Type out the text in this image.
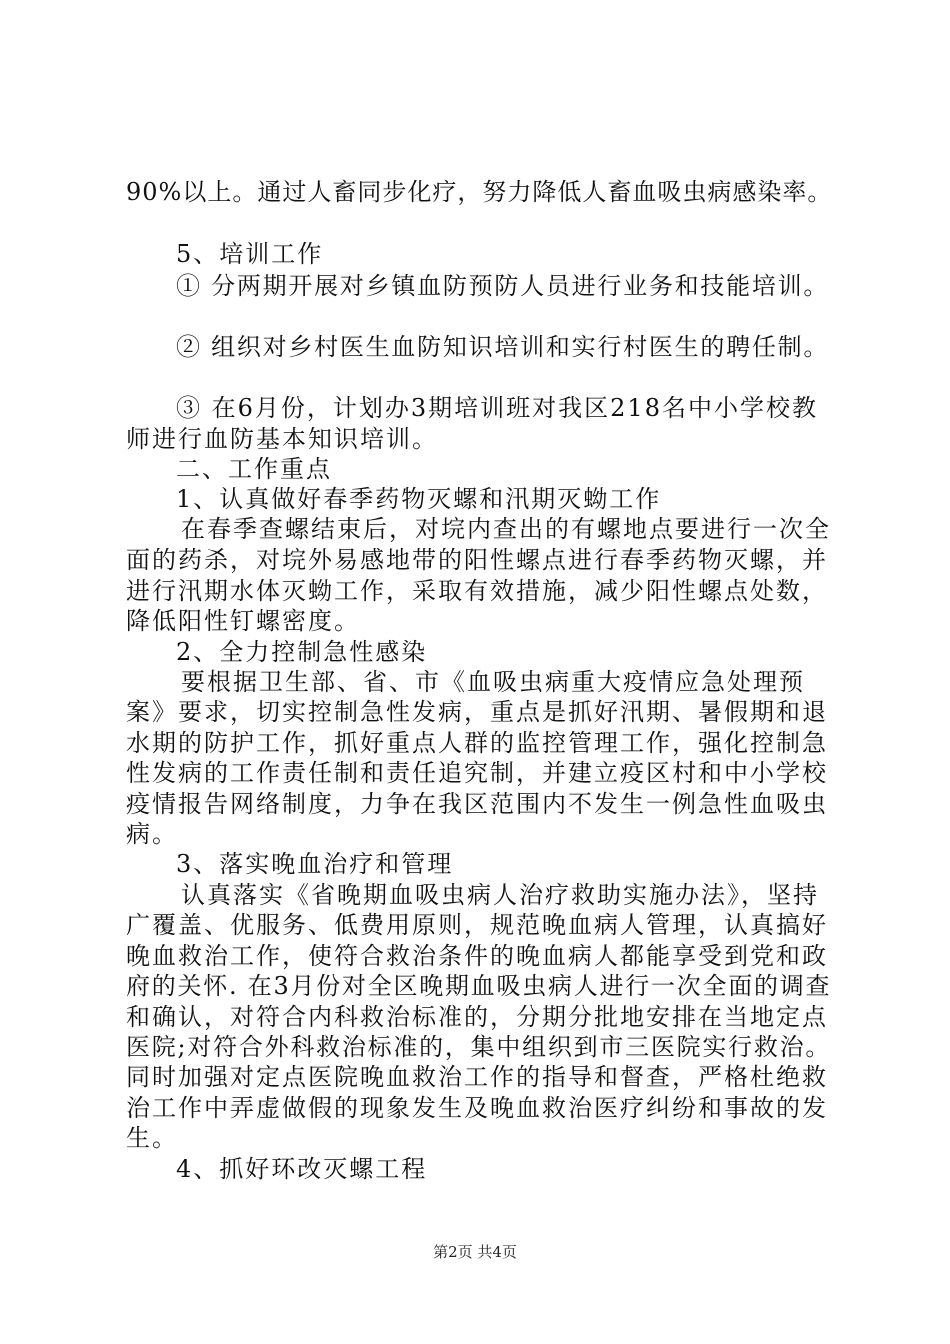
90%以上。通过人畜同步化疗，努力降低人畜血吸虫病感染率。
5、培训工作
① 分两期开展对乡镇血防预防人员进行业务和技能培训。
② 组织对乡村医生血防知识培训和实行村医生的聘任制。
③ 在6月份，计划办3期培训班对我区218名中小学校教
师进行血防基本知识培训。
二、工作重点
1、认真做好春季药物灭螺和汛期灭蚴工作
在春季查螺结束后，对垸内查出的有螺地点要进行一次全
面的药杀，对垸外易感地带的阳性螺点进行春季药物灭螺，并
进行汛期水体灭蚴工作，采取有效措施，减少阳性螺点处数，
降低阳性钉螺密度。
2、全力控制急性感染
要根据卫生部、省、市《血吸虫病重大疫情应急处理预
案》要求，切实控制急性发病，重点是抓好汛期、暑假期和退
水期的防护工作，抓好重点人群的监控管理工作，强化控制急
性发病的工作责任制和责任追究制，并建立疫区村和中小学校
疫情报告网络制度，力争在我区范围内不发生一例急性血吸虫
病。
3、落实晚血治疗和管理
认真落实《省晚期血吸虫病人治疗救助实施办法》，坚持
广覆盖、优服务、低费用原则，规范晚血病人管理，认真搞好
晚血救治工作，使符合救治条件的晚血病人都能享受到党和政
府的关怀. 在3月份对全区晚期血吸虫病人进行一次全面的调查
和确认，对符合内科救治标准的，分期分批地安排在当地定点
医院;对符合外科救治标准的，集中组织到市三医院实行救治。
同时加强对定点医院晚血救治工作的指导和督查，严格杜绝救
治工作中弄虚做假的现象发生及晚血救治医疗纠纷和事故的发
生。
4、抓好环改灭螺工程
第2页 共4页
